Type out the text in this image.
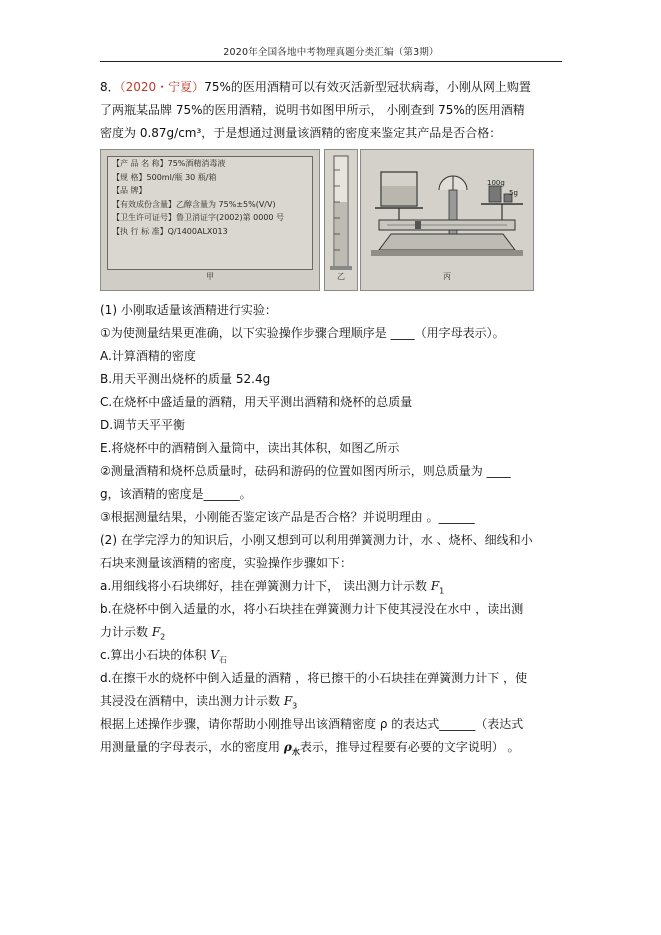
2020年全国各地中考物理真题分类汇编（第3期）
8．（2020・宁夏）75%的医用酒精可以有效灭活新型冠状病毒，小刚从网上购置
了两瓶某品牌 75%的医用酒精，说明书如图甲所示， 小刚查到 75%的医用酒精
密度为 0.87g/cm³，于是想通过测量该酒精的密度来鉴定其产品是否合格：
【产 品 名 称】75%酒精消毒液
【规 格】500ml/瓶 30 瓶/箱
【品 牌】
【有效成份含量】乙醇含量为 75%±5%(V/V)
【卫生许可证号】鲁卫消证字(2002)第 0000 号
【执 行 标 准】Q/1400ALX013
甲	乙
100g
5g
丙
(1) 小刚取适量该酒精进行实验：
①为使测量结果更准确，以下实验操作步骤合理顺序是 ____（用字母表示）。
A.计算酒精的密度
B.用天平测出烧杯的质量 52.4g
C.在烧杯中盛适量的酒精，用天平测出酒精和烧杯的总质量
D.调节天平平衡
E.将烧杯中的酒精倒入量筒中，读出其体积，如图乙所示
②测量酒精和烧杯总质量时，砝码和游码的位置如图丙所示，则总质量为 ____
g，该酒精的密度是______。
③根据测量结果，小刚能否鉴定该产品是否合格？并说明理由 。______
(2) 在学完浮力的知识后，小刚又想到可以利用弹簧测力计，水 、烧杯、细线和小
石块来测量该酒精的密度，实验操作步骤如下：
a.用细线将小石块绑好，挂在弹簧测力计下， 读出测力计示数 $F_1$
b.在烧杯中倒入适量的水，将小石块挂在弹簧测力计下使其浸没在水中 ，读出测
力计示数 $F_2$
c.算出小石块的体积 $V_石$
d.在擦干水的烧杯中倒入适量的酒精 ，将已擦干的小石块挂在弹簧测力计下 ，使
其浸没在酒精中，读出测力计示数 $F_3$
根据上述操作步骤，请你帮助小刚推导出该酒精密度 ρ 的表达式______（表达式
用测量量的字母表示，水的密度用 $\rho_水$表示，推导过程要有必要的文字说明） 。
